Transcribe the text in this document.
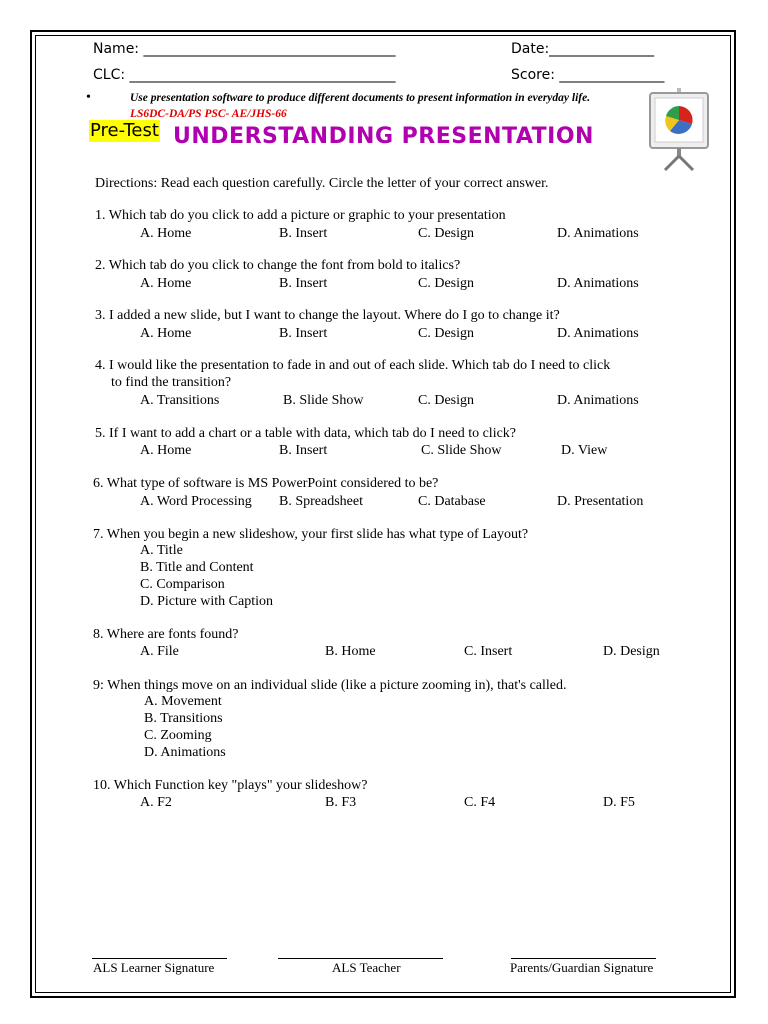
Name: ____________________________________	Date:_______________
CLC: ______________________________________	Score: _______________
•	Use presentation software to produce different documents to present information in everyday life.
LS6DC-DA/PS PSC- AE/JHS-66
Pre-Test UNDERSTANDING PRESENTATION
Directions: Read each question carefully. Circle the letter of your correct answer.
1. Which tab do you click to add a picture or graphic to your presentation
A. Home	B. Insert	C. Design	D. Animations
2. Which tab do you click to change the font from bold to italics?
A. Home	B. Insert	C. Design	D. Animations
3. I added a new slide, but I want to change the layout. Where do I go to change it?
A. Home	B. Insert	C. Design	D. Animations
4. I would like the presentation to fade in and out of each slide. Which tab do I need to click
to find the transition?
A. Transitions	B. Slide Show	C. Design	D. Animations
5. If I want to add a chart or a table with data, which tab do I need to click?
A. Home	B. Insert	C. Slide Show	D. View
6. What type of software is MS PowerPoint considered to be?
A. Word Processing B. Spreadsheet	C. Database	D. Presentation
7. When you begin a new slideshow, your first slide has what type of Layout?
A. Title
B. Title and Content
C. Comparison
D. Picture with Caption
8. Where are fonts found?
A. File	B. Home	C. Insert	D. Design
9: When things move on an individual slide (like a picture zooming in), that's called.
A. Movement
B. Transitions
C. Zooming
D. Animations
10. Which Function key "plays" your slideshow?
A. F2	B. F3	C. F4	D. F5
ALS Learner Signature	ALS Teacher	Parents/Guardian Signature
